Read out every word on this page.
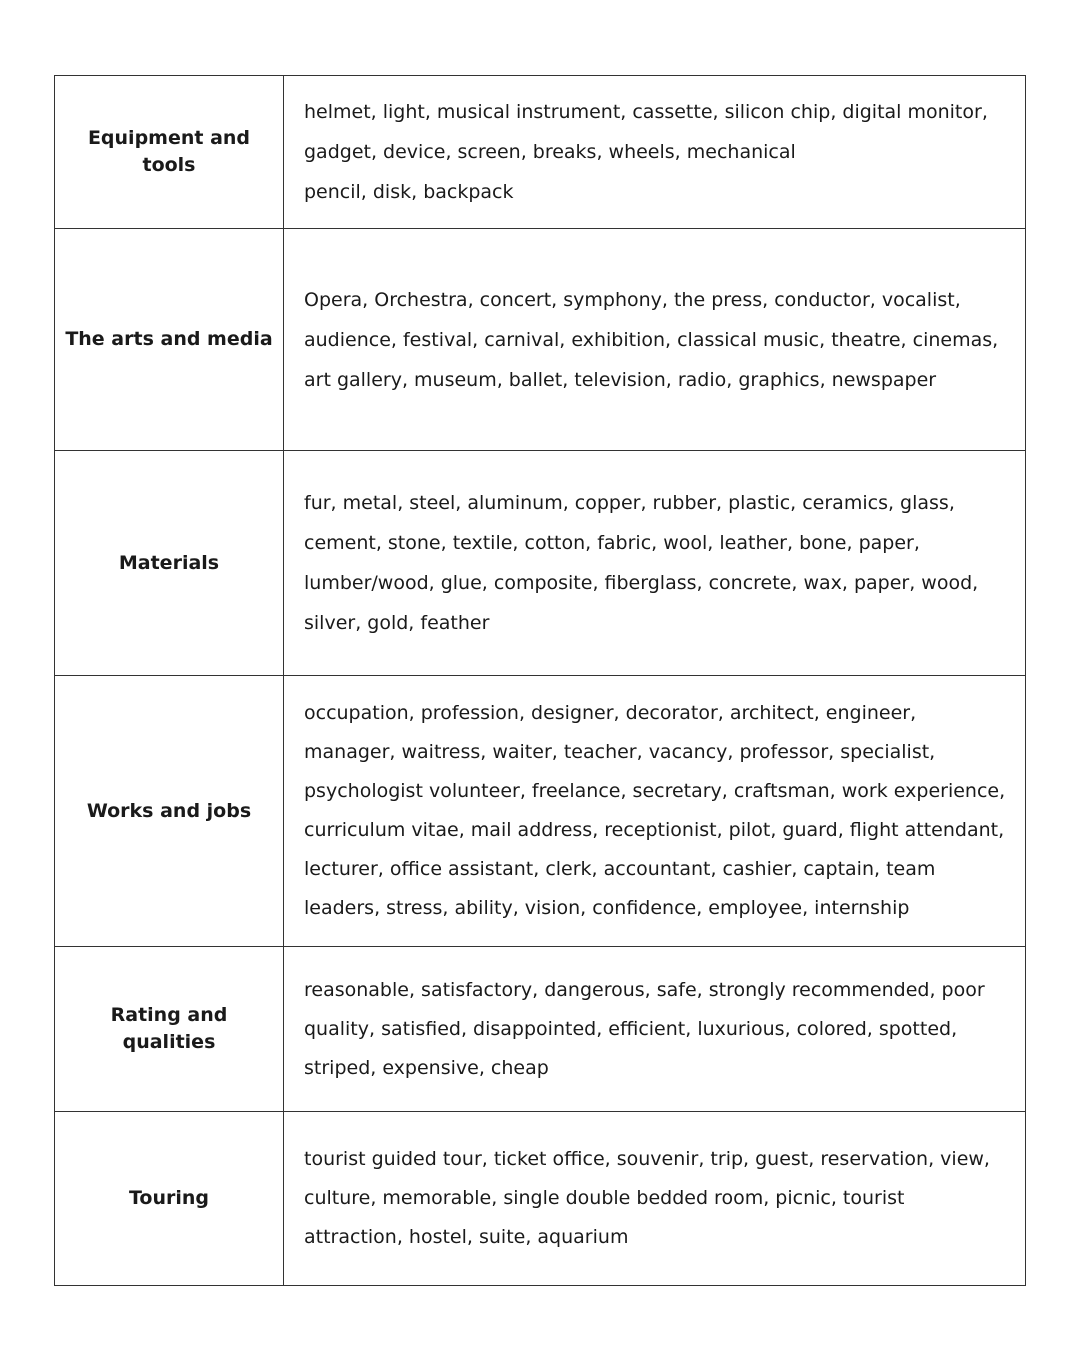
Equipment and tools	helmet, light, musical instrument, cassette, silicon chip, digital monitor, gadget, device, screen, breaks, wheels, mechanical
pencil, disk, backpack

The arts and media	Opera, Orchestra, concert, symphony, the press, conductor, vocalist, audience, festival, carnival, exhibition, classical music, theatre, cinemas, art gallery, museum, ballet, television, radio, graphics, newspaper

Materials	fur, metal, steel, aluminum, copper, rubber, plastic, ceramics, glass, cement, stone, textile, cotton, fabric, wool, leather, bone, paper, lumber/wood, glue, composite, fiberglass, concrete, wax, paper, wood, silver, gold, feather

Works and jobs	occupation, profession, designer, decorator, architect, engineer, manager, waitress, waiter, teacher, vacancy, professor, specialist, psychologist volunteer, freelance, secretary, craftsman, work experience, curriculum vitae, mail address, receptionist, pilot, guard, flight attendant, lecturer, office assistant, clerk, accountant, cashier, captain, team leaders, stress, ability, vision, confidence, employee, internship

Rating and qualities	reasonable, satisfactory, dangerous, safe, strongly recommended, poor quality, satisfied, disappointed, efficient, luxurious, colored, spotted, striped, expensive, cheap

Touring	tourist guided tour, ticket office, souvenir, trip, guest, reservation, view, culture, memorable, single double bedded room, picnic, tourist attraction, hostel, suite, aquarium
